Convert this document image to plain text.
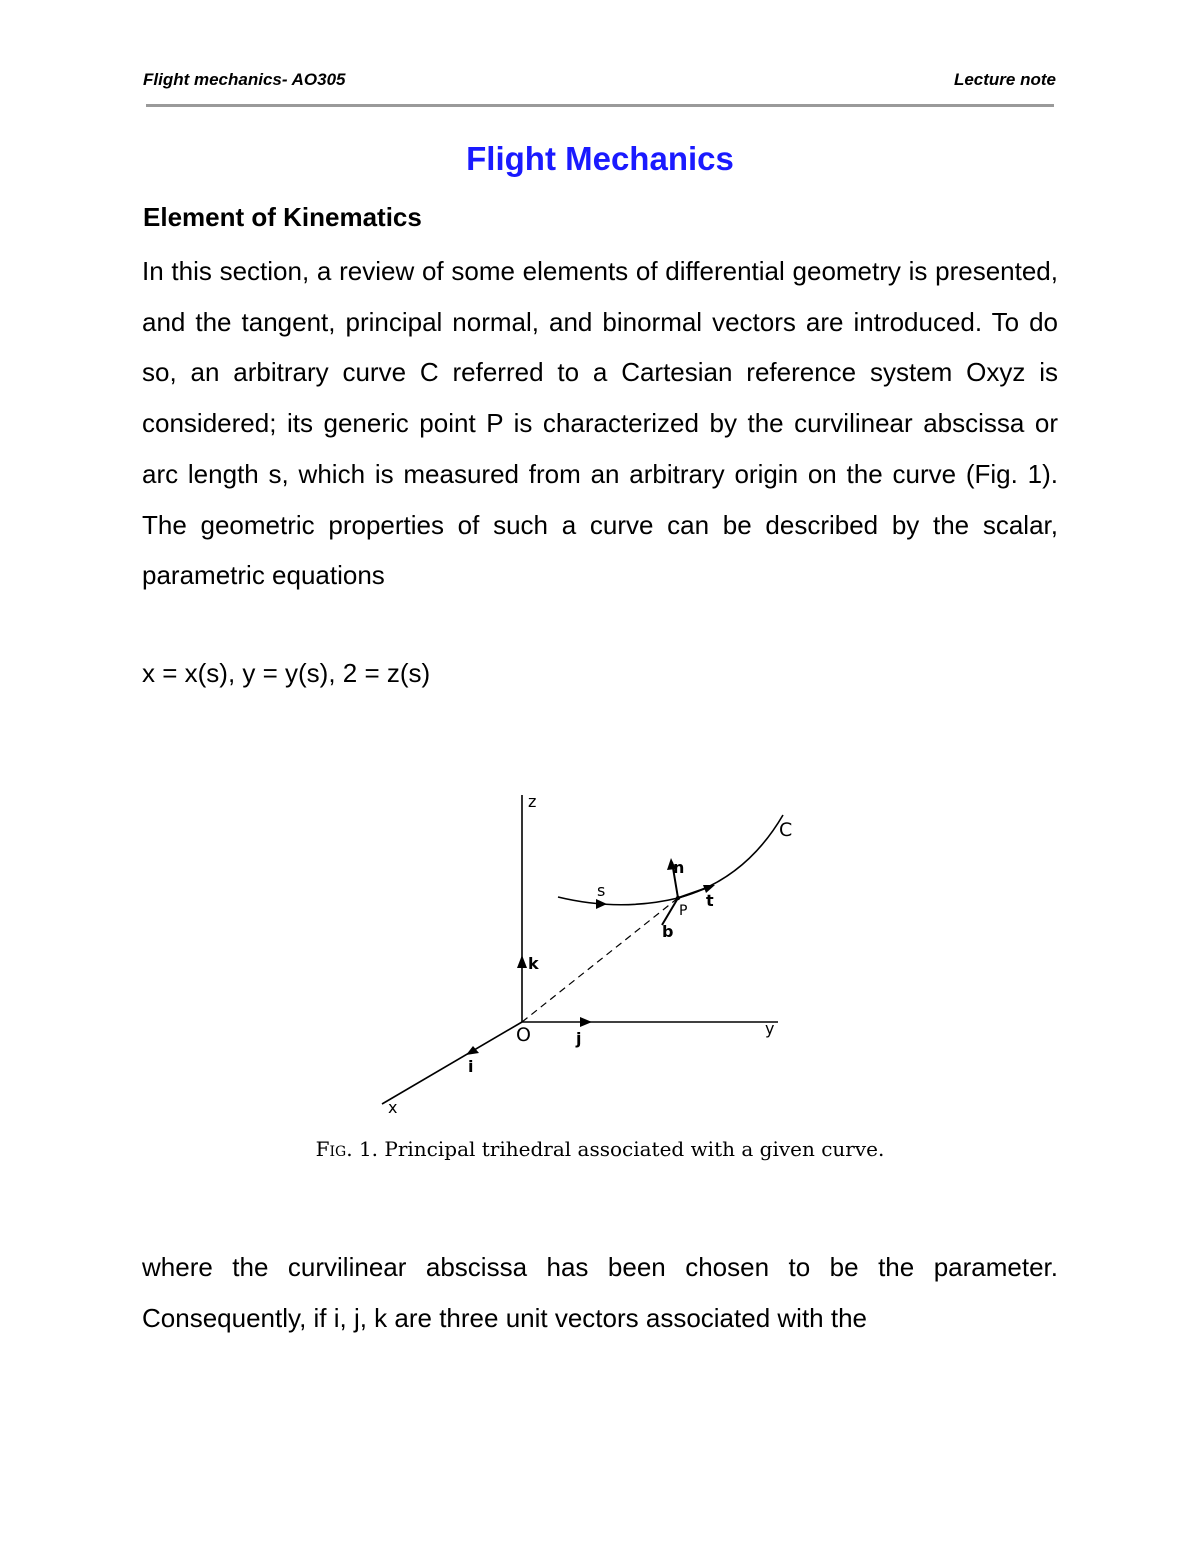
Flight mechanics- AO305	Lecture note
Flight Mechanics
Element of Kinematics
In this section, a review of some elements of differential geometry is presented, and the tangent, principal normal, and binormal vectors are introduced. To do so, an arbitrary curve C referred to a Cartesian reference system Oxyz is considered; its generic point P is characterized by the curvilinear abscissa or arc length s, which is measured from an arbitrary origin on the curve (Fig. 1). The geometric properties of such a curve can be described by the scalar, parametric equations
x = x(s), y = y(s), 2 = z(s)
z
y
x
O
k
j
i
C
s
n
t
P
b
Fig. 1. Principal trihedral associated with a given curve.
where the curvilinear abscissa has been chosen to be the parameter. Consequently, if i, j, k are three unit vectors associated with the
